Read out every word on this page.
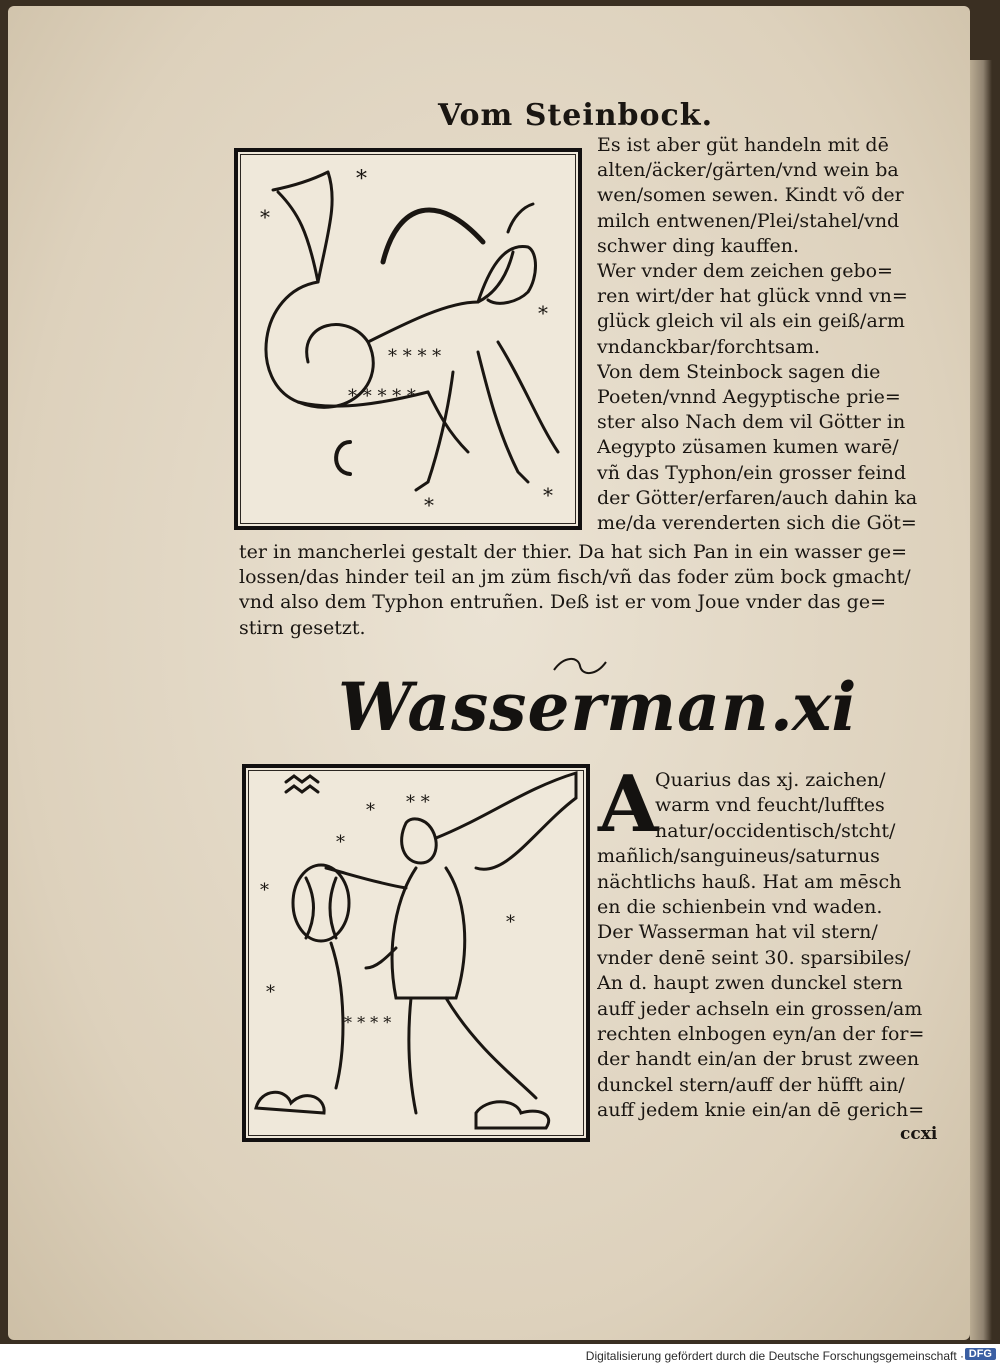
Vom Steinbock.
*
*
*
*
*
* * * *
* * * * *
Es ist aber güt handeln mit dē
alten/äcker/gärten/vnd wein ba
wen/somen sewen. Kindt võ der
milch entwenen/Plei/stahel/vnd
schwer ding kauffen.
Wer vnder dem zeichen gebo=
ren wirt/der hat glück vnnd vn=
glück gleich vil als ein geiß/arm
vndanckbar/forchtsam.
Von dem Steinbock sagen die
Poeten/vnnd Aegyptische prie=
ster also Nach dem vil Götter in
Aegypto züsamen kumen warē/
vñ das Typhon/ein grosser feind
der Götter/erfaren/auch dahin ka
me/da verenderten sich die Göt=
ter in mancherlei gestalt der thier. Da hat sich Pan in ein wasser ge=
lossen/das hinder teil an jm züm fisch/vñ das foder züm bock gmacht/
vnd also dem Typhon entruñen. Deß ist er vom Joue vnder das ge=
stirn gesetzt.
Wasserman.
xi
* * *
*
*
*
*
* * * *
A
Quarius das xj. zaichen/
warm vnd feucht/lufftes
natur/occidentisch/stcht/
mañlich/sanguineus/saturnus
nächtlichs hauß. Hat am mēsch
en die schienbein vnd waden.
Der Wasserman hat vil stern/
vnder denē seint 30. sparsibiles/
An d. haupt zwen dunckel stern
auff jeder achseln ein grossen/am
rechten elnbogen eyn/an der for=
der handt ein/an der brust zween
dunckel stern/auff der hüfft ain/
auff jedem knie ein/an dē gerich=
ccxi
Digitalisierung gefördert durch die Deutsche Forschungsgemeinschaft · DFG
